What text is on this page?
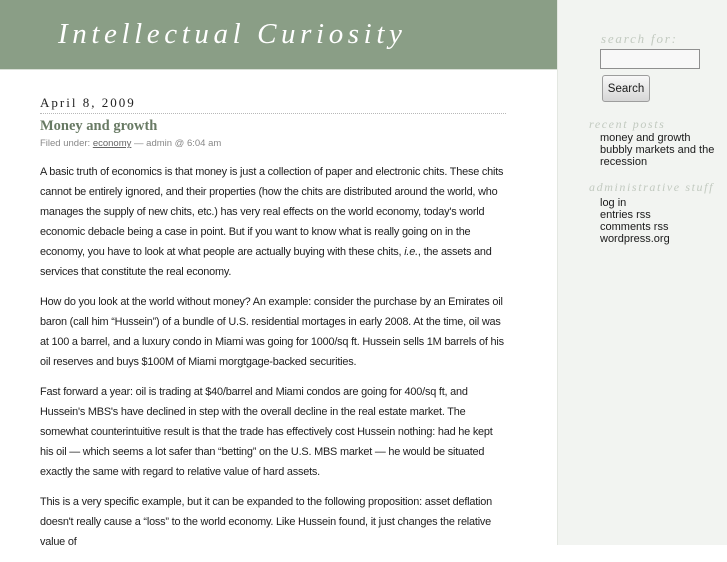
Intellectual Curiosity
April 8, 2009
Money and growth
Filed under: economy — admin @ 6:04 am

A basic truth of economics is that money is just a collection of paper and electronic chits. These chits cannot be entirely ignored, and their properties (how the chits are distributed around the world, who manages the supply of new chits, etc.) has very real effects on the world economy, today's world economic debacle being a case in point. But if you want to know what is really going on in the economy, you have to look at what people are actually buying with these chits, i.e., the assets and services that constitute the real economy.

How do you look at the world without money? An example: consider the purchase by an Emirates oil baron (call him “Hussein”) of a bundle of U.S. residential mortages in early 2008. At the time, oil was at 100 a barrel, and a luxury condo in Miami was going for 1000/sq ft. Hussein sells 1M barrels of his oil reserves and buys $100M of Miami morgtgage-backed securities.

Fast forward a year: oil is trading at $40/barrel and Miami condos are going for 400/sq ft, and Hussein's MBS's have declined in step with the overall decline in the real estate market. The somewhat counterintuitive result is that the trade has effectively cost Hussein nothing: had he kept his oil — which seems a lot safer than “betting” on the U.S. MBS market — he would be situated exactly the same with regard to relative value of hard assets.

This is a very specific example, but it can be expanded to the following proposition: asset deflation doesn't really cause a “loss” to the world economy. Like Hussein found, it just changes the relative value of

search for:
Search
recent posts
money and growth
bubbly markets and the recession
administrative stuff
log in
entries rss
comments rss
wordpress.org
